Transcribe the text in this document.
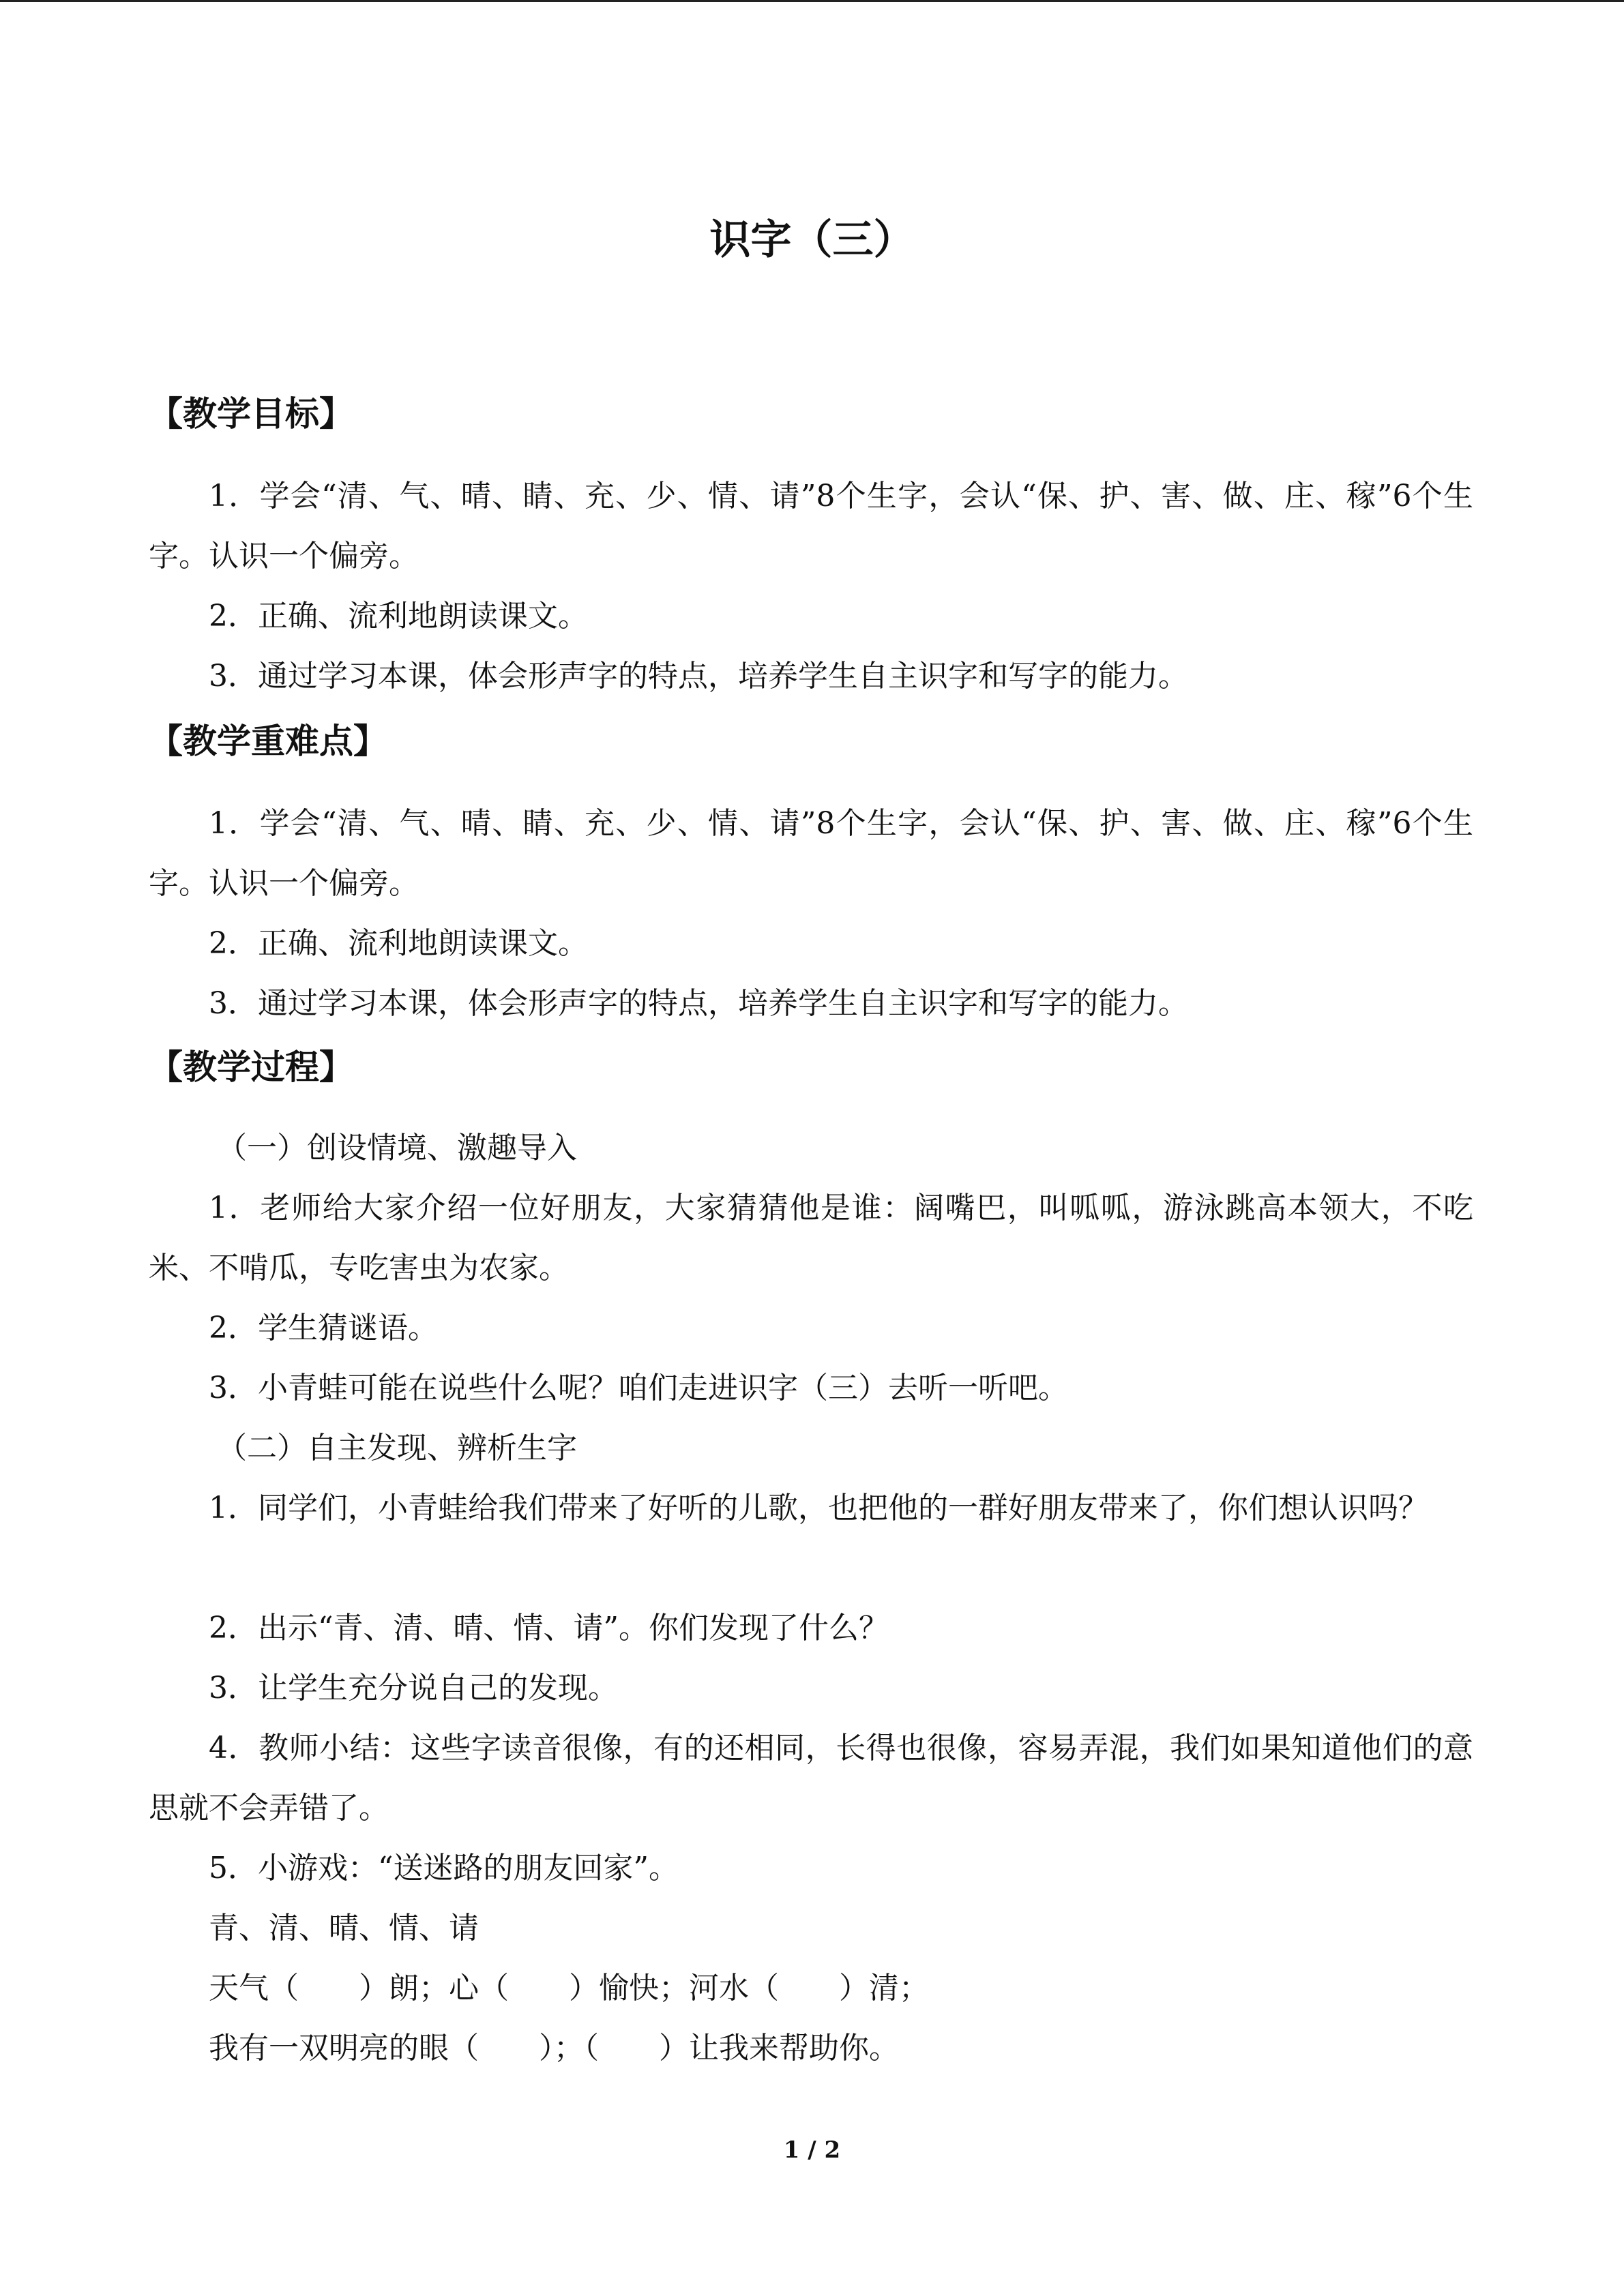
识字（三）
【教学目标】

1．学会“清、气、晴、睛、充、少、情、请”8个生字，会认“保、护、害、做、庄、稼”6个生字。认识一个偏旁。

2．正确、流利地朗读课文。

3．通过学习本课，体会形声字的特点，培养学生自主识字和写字的能力。

【教学重难点】

1．学会“清、气、晴、睛、充、少、情、请”8个生字，会认“保、护、害、做、庄、稼”6个生字。认识一个偏旁。

2．正确、流利地朗读课文。

3．通过学习本课，体会形声字的特点，培养学生自主识字和写字的能力。

【教学过程】
（一）创设情境、激趣导入

1．老师给大家介绍一位好朋友，大家猜猜他是谁：阔嘴巴，叫呱呱，游泳跳高本领大，不吃米、不啃瓜，专吃害虫为农家。

2．学生猜谜语。

3．小青蛙可能在说些什么呢？咱们走进识字（三）去听一听吧。

（二）自主发现、辨析生字

1．同学们，小青蛙给我们带来了好听的儿歌，也把他的一群好朋友带来了，你们想认识吗？

2．出示“青、清、晴、情、请”。你们发现了什么？

3．让学生充分说自己的发现。

4．教师小结：这些字读音很像，有的还相同，长得也很像，容易弄混，我们如果知道他们的意思就不会弄错了。

5．小游戏：“送迷路的朋友回家”。

青、清、晴、情、请
天气（　　）朗；心（　　）愉快；河水（　　）清；
我有一双明亮的眼（　　）；（　　）让我来帮助你。
1 / 2
